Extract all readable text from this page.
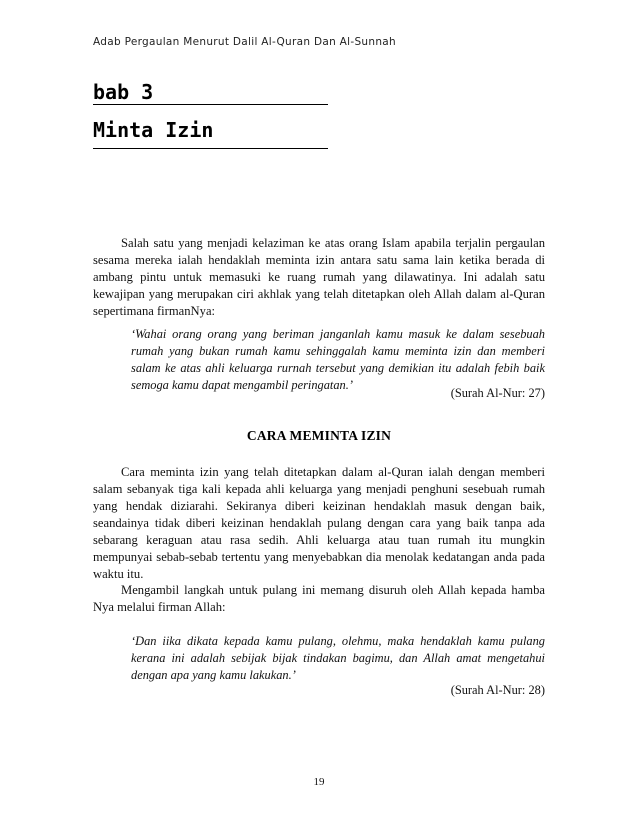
Adab Pergaulan Menurut Dalil Al-Quran Dan Al-Sunnah
bab 3
Minta Izin

Salah satu yang menjadi kelaziman ke atas orang Islam apabila terjalin pergaulan sesama mereka ialah hendaklah meminta izin antara satu sama lain ketika berada di ambang pintu untuk memasuki ke ruang rumah yang dilawatinya. Ini adalah satu kewajipan yang merupakan ciri akhlak yang telah ditetapkan oleh Allah dalam al-Quran sepertimana firmanNya:

‘Wahai orang orang yang beriman janganlah kamu masuk ke dalam sesebuah rumah yang bukan rumah kamu sehinggalah kamu meminta izin dan memberi salam ke atas ahli keluarga rurnah tersebut yang demikian itu adalah febih baik semoga kamu dapat mengambil peringatan.’

(Surah Al-Nur: 27)
CARA MEMINTA IZIN

Cara meminta izin yang telah ditetapkan dalam al-Quran ialah dengan memberi salam sebanyak tiga kali kepada ahli keluarga yang menjadi penghuni sesebuah rumah yang hendak diziarahi. Sekiranya diberi keizinan hendaklah masuk dengan baik, seandainya tidak diberi keizinan hendaklah pulang dengan cara yang baik tanpa ada sebarang keraguan atau rasa sedih. Ahli keluarga atau tuan rumah itu mungkin mempunyai sebab-sebab tertentu yang menyebabkan dia menolak kedatangan anda pada waktu itu.

Mengambil langkah untuk pulang ini memang disuruh oleh Allah kepada hamba Nya melalui firman Allah:

‘Dan iika dikata kepada kamu pulang, olehmu, maka hendaklah kamu pulang kerana ini adalah sebijak bijak tindakan bagimu, dan Allah amat mengetahui dengan apa yang kamu lakukan.’

(Surah Al-Nur: 28)
19
